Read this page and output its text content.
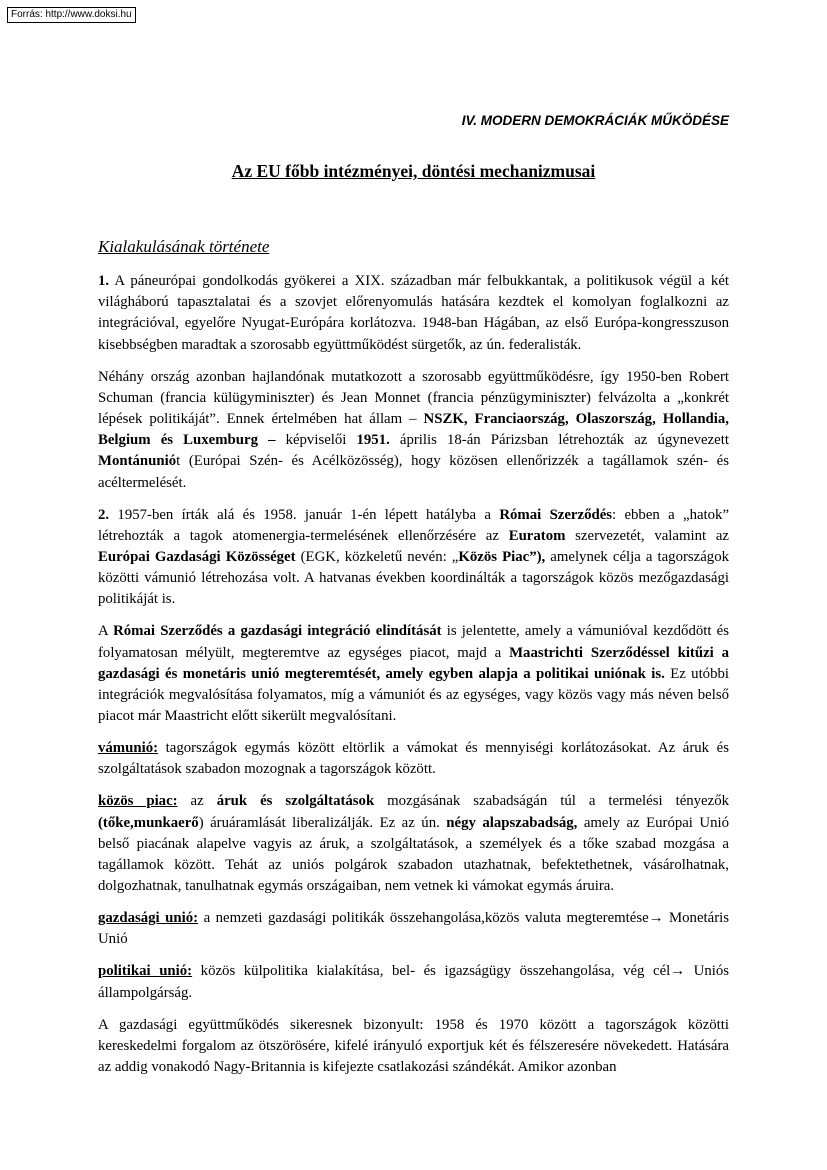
Forrás: http://www.doksi.hu
IV. MODERN DEMOKRÁCIÁK MŰKÖDÉSE
Az EU főbb intézményei, döntési mechanizmusai
Kialakulásának története

1. A páneurópai gondolkodás gyökerei a XIX. században már felbukkantak, a politikusok végül a két világháború tapasztalatai és a szovjet előrenyomulás hatására kezdtek el komolyan foglalkozni az integrációval, egyelőre Nyugat-Európára korlátozva. 1948-ban Hágában, az első Európa-kongresszuson kisebbségben maradtak a szorosabb együttműködést sürgetők, az ún. federalisták.

Néhány ország azonban hajlandónak mutatkozott a szorosabb együttműködésre, így 1950-ben Robert Schuman (francia külügyminiszter) és Jean Monnet (francia pénzügyminiszter) felvázolta a „konkrét lépések politikáját”. Ennek értelmében hat állam – NSZK, Franciaország, Olaszország, Hollandia, Belgium és Luxemburg – képviselői 1951. április 18-án Párizsban létrehozták az úgynevezett Montánuniót (Európai Szén- és Acélközösség), hogy közösen ellenőrizzék a tagállamok szén- és acéltermelését.

2. 1957-ben írták alá és 1958. január 1-én lépett hatályba a Római Szerződés: ebben a „hatok” létrehozták a tagok atomenergia-termelésének ellenőrzésére az Euratom szervezetét, valamint az Európai Gazdasági Közösséget (EGK, közkeletű nevén: „Közös Piac”), amelynek célja a tagországok közötti vámunió létrehozása volt. A hatvanas években koordinálták a tagországok közös mezőgazdasági politikáját is.

A Római Szerződés a gazdasági integráció elindítását is jelentette, amely a vámunióval kezdődött és folyamatosan mélyült, megteremtve az egységes piacot, majd a Maastrichti Szerződéssel kitűzi a gazdasági és monetáris unió megteremtését, amely egyben alapja a politikai uniónak is. Ez utóbbi integrációk megvalósítása folyamatos, míg a vámuniót és az egységes, vagy közös vagy más néven belső piacot már Maastricht előtt sikerült megvalósítani.

vámunió: tagországok egymás között eltörlik a vámokat és mennyiségi korlátozásokat. Az áruk és szolgáltatások szabadon mozognak a tagországok között.

közös piac: az áruk és szolgáltatások mozgásának szabadságán túl a termelési tényezők (tőke,munkaerő) áruáramlását liberalizálják. Ez az ún. négy alapszabadság, amely az Európai Unió belső piacának alapelve vagyis az áruk, a szolgáltatások, a személyek és a tőke szabad mozgása a tagállamok között. Tehát az uniós polgárok szabadon utazhatnak, befektethetnek, vásárolhatnak, dolgozhatnak, tanulhatnak egymás országaiban, nem vetnek ki vámokat egymás áruira.

gazdasági unió: a nemzeti gazdasági politikák összehangolása,közös valuta megteremtése→ Monetáris Unió

politikai unió: közös külpolitika kialakítása, bel- és igazságügy összehangolása, vég cél→ Uniós állampolgárság.

A gazdasági együttműködés sikeresnek bizonyult: 1958 és 1970 között a tagországok közötti kereskedelmi forgalom az ötszörösére, kifelé irányuló exportjuk két és félszeresére növekedett. Hatására az addig vonakodó Nagy-Britannia is kifejezte csatlakozási szándékát. Amikor azonban
